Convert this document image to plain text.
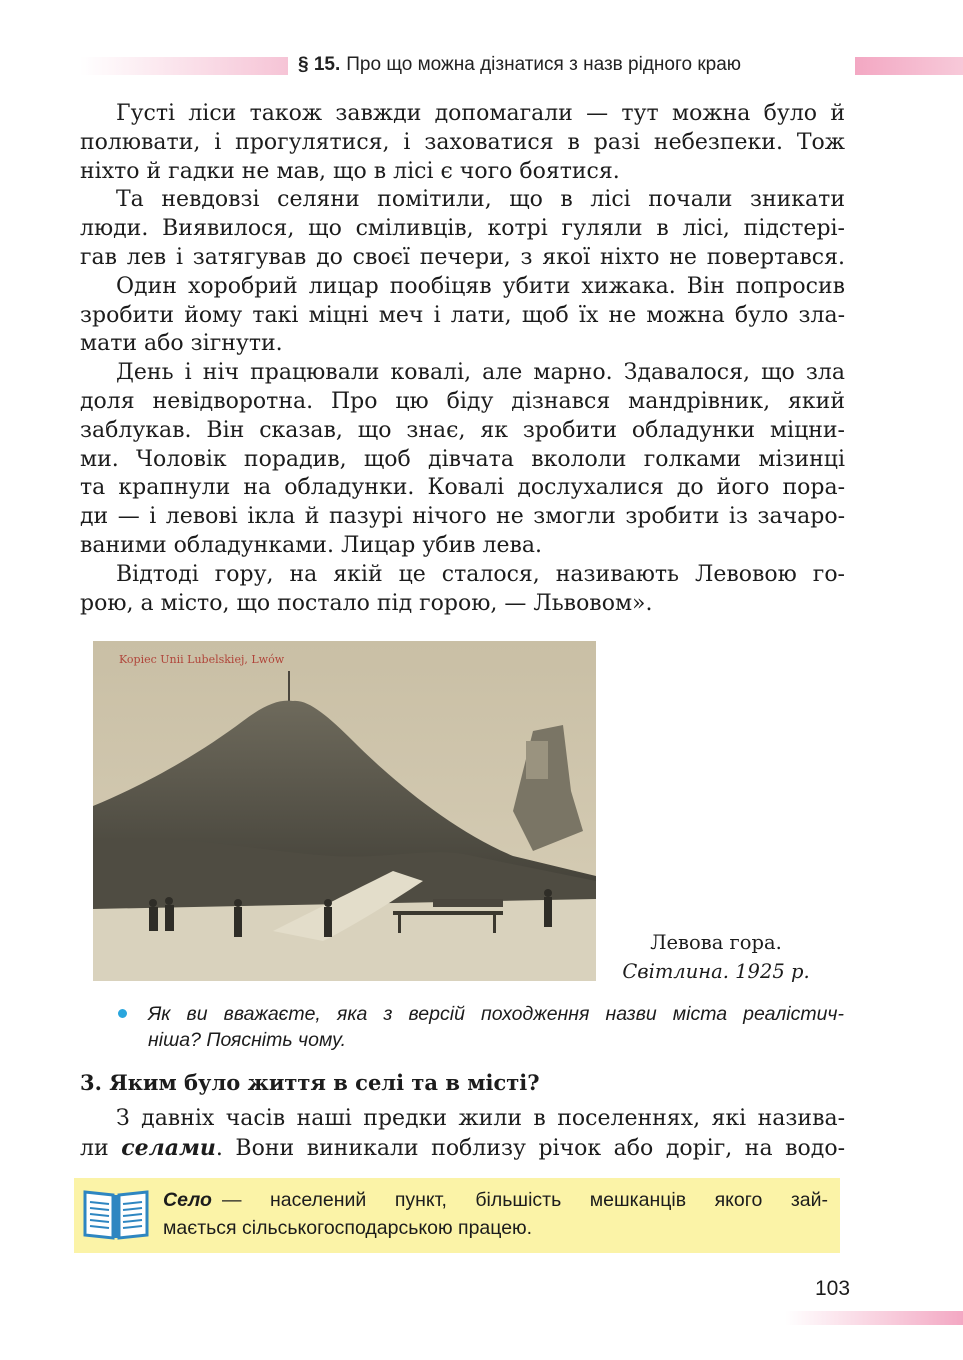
§ 15. Про що можна дізнатися з назв рідного краю
Густі ліси також завжди допомагали — тут можна було й
полювати, і прогулятися, і заховатися в разі небезпеки. Тож
ніхто й гадки не мав, що в лісі є чого боятися.
Та невдовзі селяни помітили, що в лісі почали зникати
люди. Виявилося, що сміливців, котрі гуляли в лісі, підстері-
гав лев і затягував до своєї печери, з якої ніхто не повертався.
Один хоробрий лицар пообіцяв убити хижака. Він попросив
зробити йому такі міцні меч і лати, щоб їх не можна було зла-
мати або зігнути.
День і ніч працювали ковалі, але марно. Здавалося, що зла
доля невідворотна. Про цю біду дізнався мандрівник, який
заблукав. Він сказав, що знає, як зробити обладунки міцни-
ми. Чоловік порадив, щоб дівчата вкололи голками мізинці
та крапнули на обладунки. Ковалі дослухалися до його пора-
ди — і левові ікла й пазурі нічого не змогли зробити із зачаро-
ваними обладунками. Лицар убив лева.
Відтоді гору, на якій це сталося, називають Левовою го-
рою, а місто, що постало під горою, — Львовом».
Kopiec Unii Lubelskiej, Lwów
Левова гора.
Світлина. 1925 р.
Як ви вважаєте, яка з версій походження назви міста реалістич-
ніша? Поясніть чому.
3. Яким було життя в селі та в місті?
З давніх часів наші предки жили в поселеннях, які назива-
ли селами. Вони виникали поблизу річок або доріг, на водо-
Село — населений пункт, більшість мешканців якого зай-
мається сільськогосподарською працею.
103
